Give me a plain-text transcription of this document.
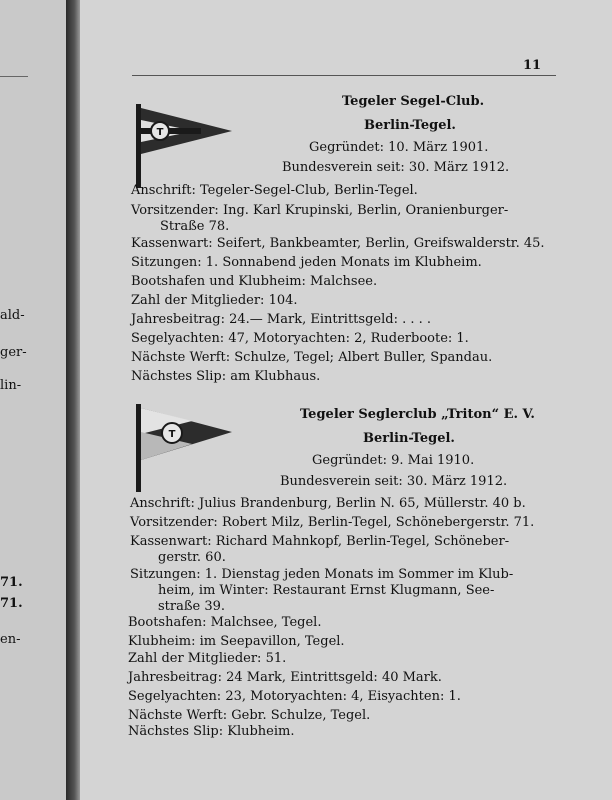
ald-
ger-
lin-
71.
71.
en-
11
T
T
Tegeler Segel-Club.
Berlin-Tegel.
Gegründet: 10. März 1901.
Bundesverein seit: 30. März 1912.
Anschrift: Tegeler-Segel-Club, Berlin-Tegel.
Vorsitzender: Ing. Karl Krupinski, Berlin, Oranienburger-
Straße 78.
Kassenwart: Seifert, Bankbeamter, Berlin, Greifswalderstr. 45.
Sitzungen: 1. Sonnabend jeden Monats im Klubheim.
Bootshafen und Klubheim: Malchsee.
Zahl der Mitglieder: 104.
Jahresbeitrag: 24.— Mark, Eintrittsgeld: . . . .
Segelyachten: 47, Motoryachten: 2, Ruderboote: 1.
Nächste Werft: Schulze, Tegel; Albert Buller, Spandau.
Nächstes Slip: am Klubhaus.
Tegeler Seglerclub „Triton“ E. V.
Berlin-Tegel.
Gegründet: 9. Mai 1910.
Bundesverein seit: 30. März 1912.
Anschrift: Julius Brandenburg, Berlin N. 65, Müllerstr. 40 b.
Vorsitzender: Robert Milz, Berlin-Tegel, Schönebergerstr. 71.
Kassenwart: Richard Mahnkopf, Berlin-Tegel, Schöneber-
gerstr. 60.
Sitzungen: 1. Dienstag jeden Monats im Sommer im Klub-
heim, im Winter: Restaurant Ernst Klugmann, See-
straße 39.
Bootshafen: Malchsee, Tegel.
Klubheim: im Seepavillon, Tegel.
Zahl der Mitglieder: 51.
Jahresbeitrag: 24 Mark, Eintrittsgeld: 40 Mark.
Segelyachten: 23, Motoryachten: 4, Eisyachten: 1.
Nächste Werft: Gebr. Schulze, Tegel.
Nächstes Slip: Klubheim.
